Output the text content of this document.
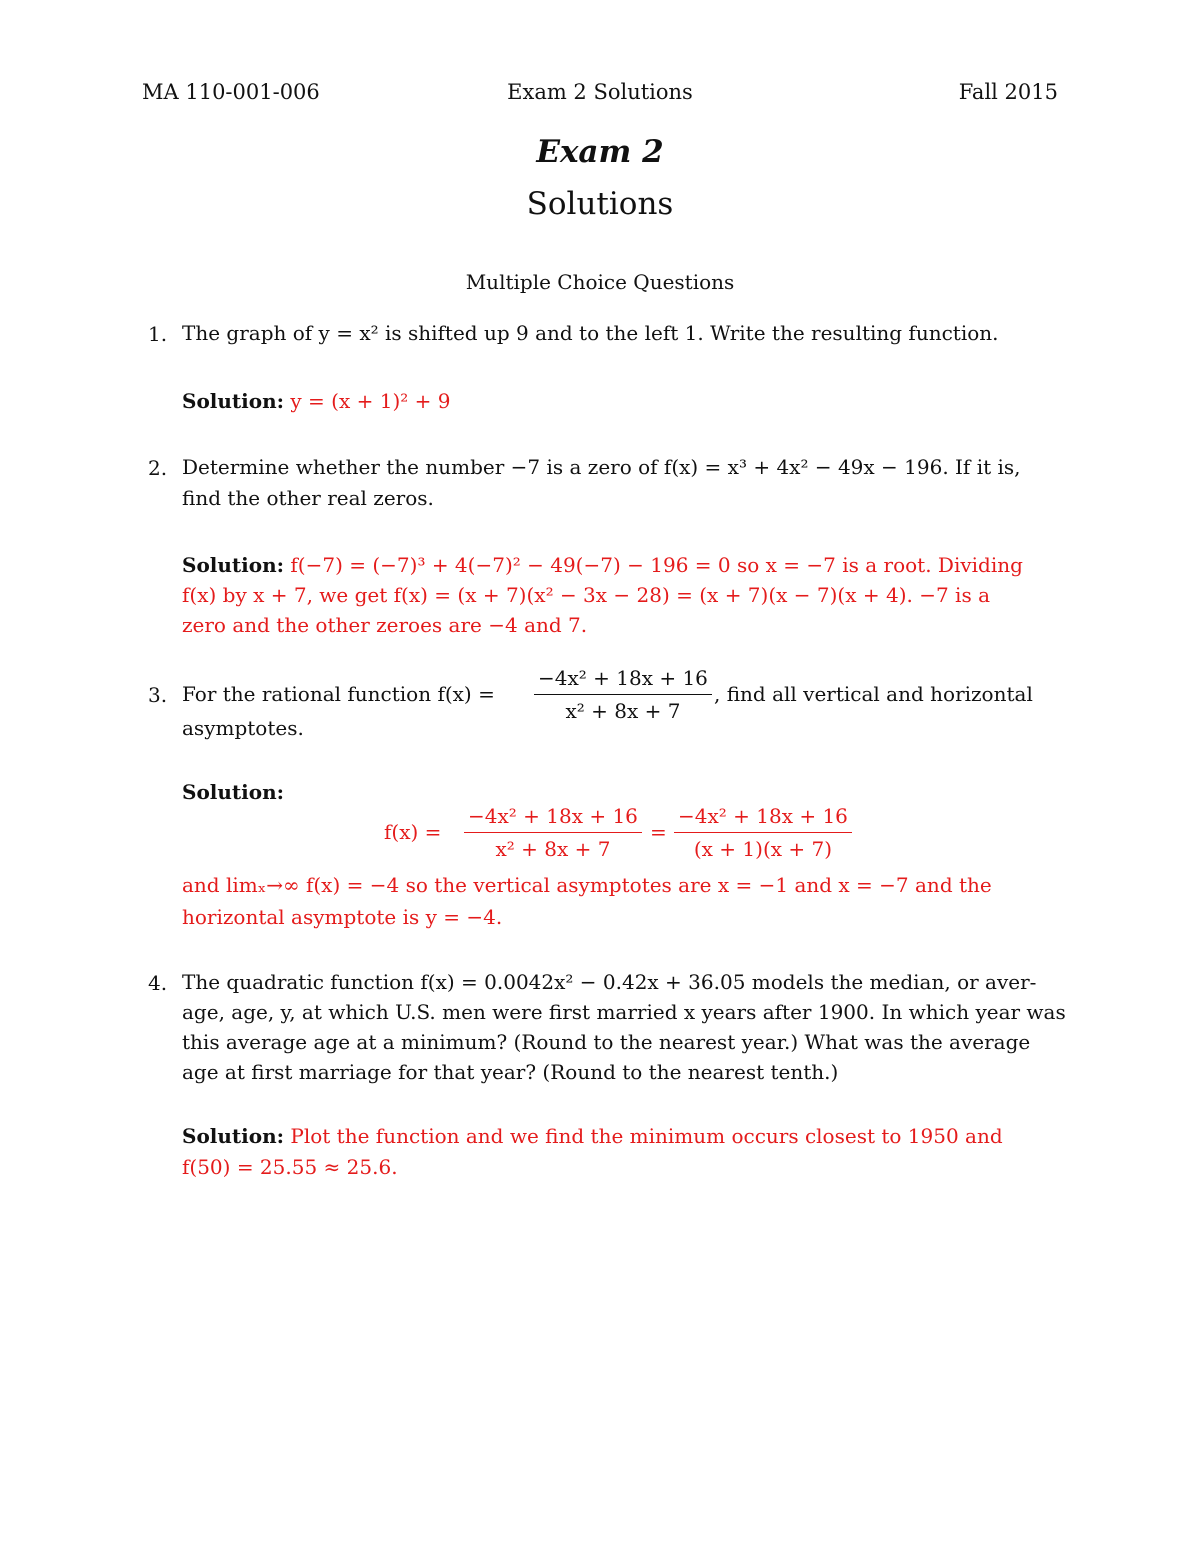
MA 110-001-006	Exam 2 Solutions	Fall 2015
Exam 2
Solutions
Multiple Choice Questions
1. The graph of y = x² is shifted up 9 and to the left 1. Write the resulting function.
Solution: y = (x + 1)² + 9
2. Determine whether the number −7 is a zero of f(x) = x³ + 4x² − 49x − 196. If it is,
find the other real zeros.
Solution: f(−7) = (−7)³ + 4(−7)² − 49(−7) − 196 = 0 so x = −7 is a root. Dividing
f(x) by x + 7, we get f(x) = (x + 7)(x² − 3x − 28) = (x + 7)(x − 7)(x + 4). −7 is a
zero and the other zeroes are −4 and 7.
3. For the rational function $f(x) = \frac{\text{−4x² + 18x + 16}}{\text{x² + 8x + 7}}$ , find all vertical and horizontal
asymptotes.
Solution:
$f(x) = \frac{\text{−4x² + 18x + 16}}{\text{x² + 8x + 7}} = \frac{\text{−4x² + 18x + 16}}{(x + 1)(x + 7)}$
and limₓ→∞ f(x) = −4 so the vertical asymptotes are x = −1 and x = −7 and the
horizontal asymptote is y = −4.
4. The quadratic function f(x) = 0.0042x² − 0.42x + 36.05 models the median, or aver-
age, age, y, at which U.S. men were first married x years after 1900. In which year was
this average age at a minimum? (Round to the nearest year.) What was the average
age at first marriage for that year? (Round to the nearest tenth.)
Solution: Plot the function and we find the minimum occurs closest to 1950 and
f(50) = 25.55 ≈ 25.6.
